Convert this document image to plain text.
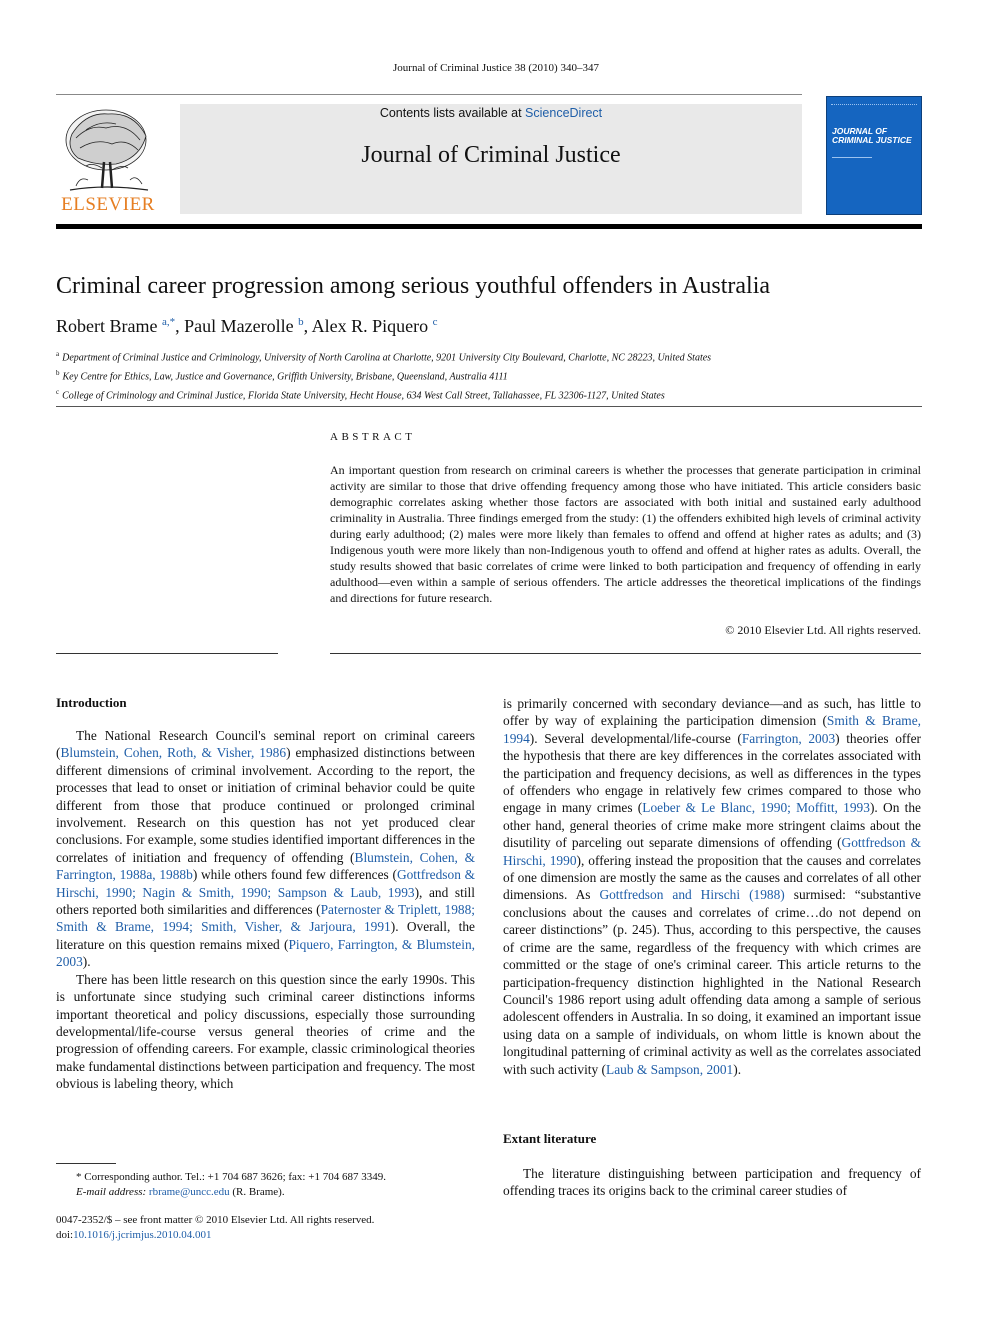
Journal of Criminal Justice 38 (2010) 340–347
ELSEVIER
Contents lists available at ScienceDirect
Journal of Criminal Justice
JOURNAL OF CRIMINAL JUSTICE
Criminal career progression among serious youthful offenders in Australia
Robert Brame $^{a,*}$, Paul Mazerolle $^b$, Alex R. Piquero $^c$
$^a$ Department of Criminal Justice and Criminology, University of North Carolina at Charlotte, 9201 University City Boulevard, Charlotte, NC 28223, United States
$^b$ Key Centre for Ethics, Law, Justice and Governance, Griffith University, Brisbane, Queensland, Australia 4111
$^c$ College of Criminology and Criminal Justice, Florida State University, Hecht House, 634 West Call Street, Tallahassee, FL 32306-1127, United States
ABSTRACT
An important question from research on criminal careers is whether the processes that generate participation in criminal activity are similar to those that drive offending frequency among those who have initiated. This article considers basic demographic correlates asking whether those factors are associated with both initial and sustained early adulthood criminality in Australia. Three findings emerged from the study: (1) the offenders exhibited high levels of criminal activity during early adulthood; (2) males were more likely than females to offend and offend at higher rates as adults; and (3) Indigenous youth were more likely than non-Indigenous youth to offend and offend at higher rates as adults. Overall, the study results showed that basic correlates of crime were linked to both participation and frequency of offending in early adulthood—even within a sample of serious offenders. The article addresses the theoretical implications of the findings and directions for future research.
© 2010 Elsevier Ltd. All rights reserved.
Introduction

The National Research Council's seminal report on criminal careers (Blumstein, Cohen, Roth, & Visher, 1986) emphasized distinctions between different dimensions of criminal involvement. According to the report, the processes that lead to onset or initiation of criminal behavior could be quite different from those that produce continued or prolonged criminal involvement. Research on this question has not yet produced clear conclusions. For example, some studies identified important differences in the correlates of initiation and frequency of offending (Blumstein, Cohen, & Farrington, 1988a, 1988b) while others found few differences (Gottfredson & Hirschi, 1990; Nagin & Smith, 1990; Sampson & Laub, 1993), and still others reported both similarities and differences (Paternoster & Triplett, 1988; Smith & Brame, 1994; Smith, Visher, & Jarjoura, 1991). Overall, the literature on this question remains mixed (Piquero, Farrington, & Blumstein, 2003).

There has been little research on this question since the early 1990s. This is unfortunate since studying such criminal career distinctions informs important theoretical and policy discussions, especially those surrounding developmental/life-course versus general theories of crime and the progression of offending careers. For example, classic criminological theories make fundamental distinctions between participation and frequency. The most obvious is labeling theory, which

is primarily concerned with secondary deviance—and as such, has little to offer by way of explaining the participation dimension (Smith & Brame, 1994). Several developmental/life-course (Farrington, 2003) theories offer the hypothesis that there are key differences in the correlates associated with the participation and frequency decisions, as well as differences in the types of offenders who engage in relatively few crimes compared to those who engage in many crimes (Loeber & Le Blanc, 1990; Moffitt, 1993). On the other hand, general theories of crime make more stringent claims about the disutility of parceling out separate dimensions of offending (Gottfredson & Hirschi, 1990), offering instead the proposition that the causes and correlates of one dimension are mostly the same as the causes and correlates of all other dimensions. As Gottfredson and Hirschi (1988) surmised: “substantive conclusions about the causes and correlates of crime…do not depend on career distinctions” (p. 245). Thus, according to this perspective, the causes of crime are the same, regardless of the frequency with which crimes are committed or the stage of one's criminal career. This article returns to the participation-frequency distinction highlighted in the National Research Council's 1986 report using adult offending data among a sample of serious adolescent offenders in Australia. In so doing, it examined an important issue using data on a sample of individuals, on whom little is known about the longitudinal patterning of criminal activity as well as the correlates associated with such activity (Laub & Sampson, 2001).

Extant literature

The literature distinguishing between participation and frequency of offending traces its origins back to the criminal career studies of

* Corresponding author. Tel.: +1 704 687 3626; fax: +1 704 687 3349.
E-mail address: rbrame@uncc.edu (R. Brame).
0047-2352/$ – see front matter © 2010 Elsevier Ltd. All rights reserved.
doi:10.1016/j.jcrimjus.2010.04.001
